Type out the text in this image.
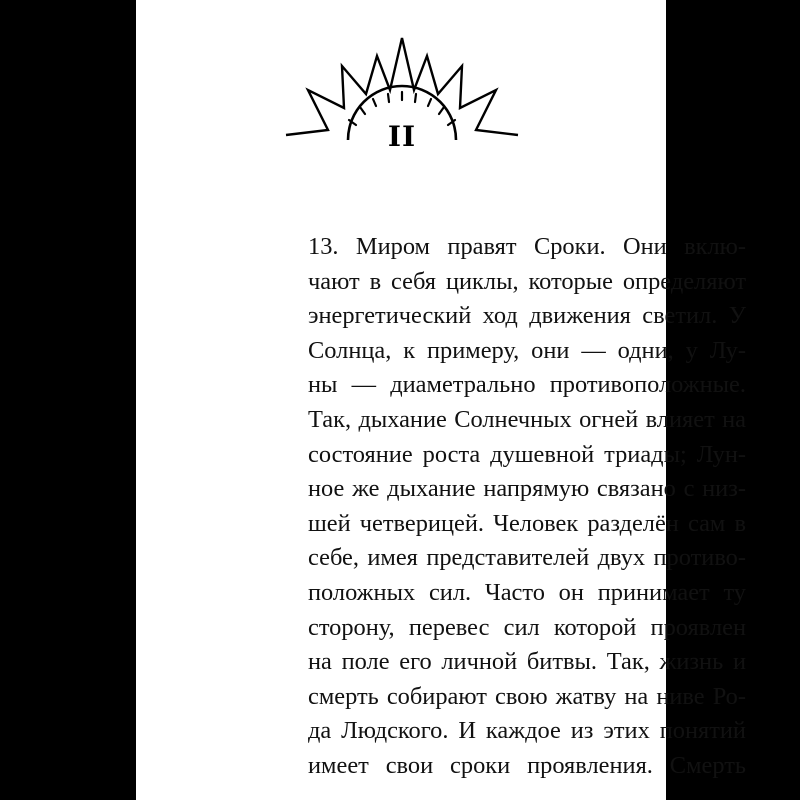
II
13. Миром правят Сроки. Они вклю-
чают в себя циклы, которые определяют
энергетический ход движения светил. У
Солнца, к примеру, они — одни, у Лу-
ны — диаметрально противоположные.
Так, дыхание Солнечных огней влияет на
состояние роста душевной триады; Лун-
ное же дыхание напрямую связано с низ-
шей четверицей. Человек разделён сам в
себе, имея представителей двух противо-
положных сил. Часто он принимает ту
сторону, перевес сил которой проявлен
на поле его личной битвы. Так, жизнь и
смерть собирают свою жатву на ниве Ро-
да Людского. И каждое из этих понятий
имеет свои сроки проявления. Смерть
